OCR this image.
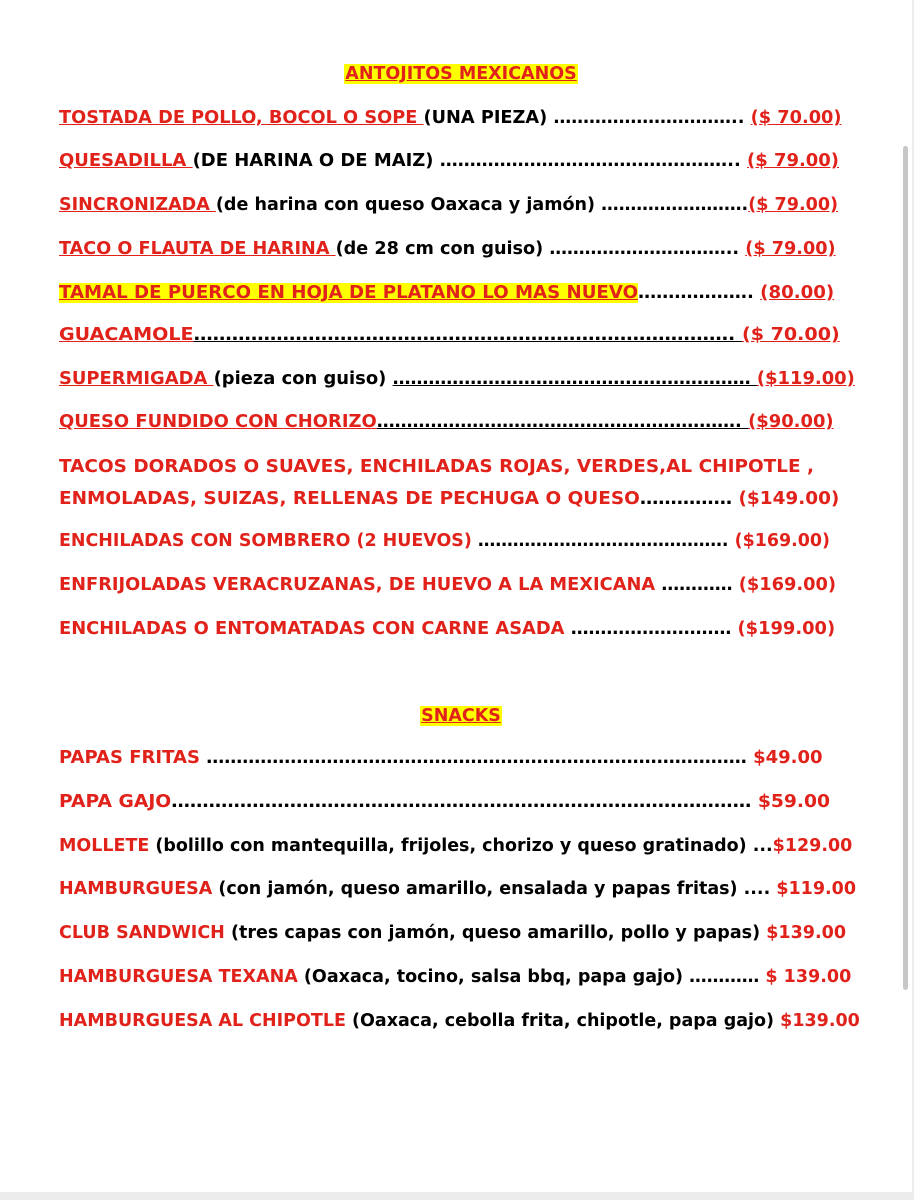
ANTOJITOS MEXICANOS
TOSTADA DE POLLO, BOCOL O SOPE (UNA PIEZA) ………………………….. ($ 70.00)
QUESADILLA (DE HARINA O DE MAIZ) ………………………………………….. ($ 79.00)
SINCRONIZADA (de harina con queso Oaxaca y jamón) …………………….($ 79.00)
TACO O FLAUTA DE HARINA (de 28 cm con guiso) ………………………….. ($ 79.00)
TAMAL DE PUERCO EN HOJA DE PLATANO LO MAS NUEVO………………. (80.00)
GUACAMOLE…………………………………………………………………………. ($ 70.00)
SUPERMIGADA (pieza con guiso) …………………………………………………… ($119.00)
QUESO FUNDIDO CON CHORIZO……………………………………………………. ($90.00)
TACOS DORADOS O SUAVES, ENCHILADAS ROJAS, VERDES,AL CHIPOTLE ,
ENMOLADAS, SUIZAS, RELLENAS DE PECHUGA O QUESO…………… ($149.00)
ENCHILADAS CON SOMBRERO (2 HUEVOS) ……………………………………. ($169.00)
ENFRIJOLADAS VERACRUZANAS, DE HUEVO A LA MEXICANA ………… ($169.00)
ENCHILADAS O ENTOMATADAS CON CARNE ASADA ……………………… ($199.00)
SNACKS
PAPAS FRITAS ……………………………………………………………………………… $49.00
PAPA GAJO………………………………………………………………………………… $59.00
MOLLETE (bolillo con mantequilla, frijoles, chorizo y queso gratinado) ...$129.00
HAMBURGUESA (con jamón, queso amarillo, ensalada y papas fritas) .... $119.00
CLUB SANDWICH (tres capas con jamón, queso amarillo, pollo y papas) $139.00
HAMBURGUESA TEXANA (Oaxaca, tocino, salsa bbq, papa gajo) ………… $ 139.00
HAMBURGUESA AL CHIPOTLE (Oaxaca, cebolla frita, chipotle, papa gajo) $139.00
